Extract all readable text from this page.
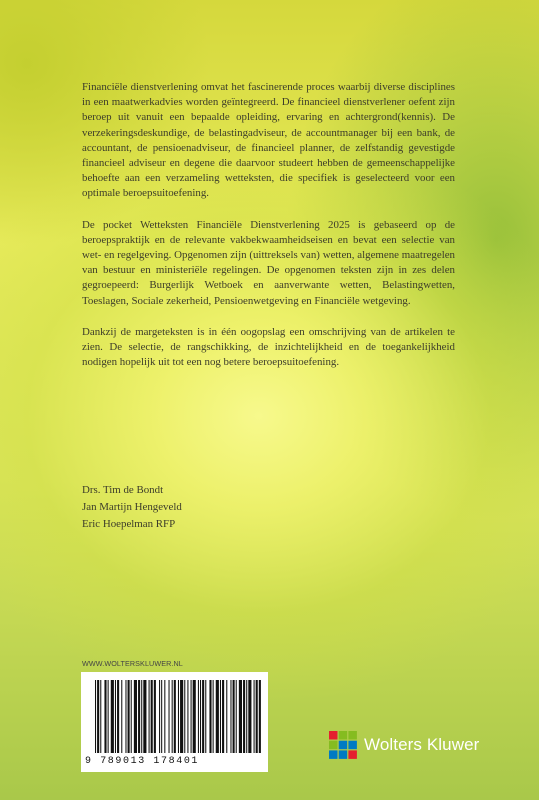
Financiële dienstverlening omvat het fascinerende proces waarbij diverse disciplines in een maatwerkadvies worden geïntegreerd. De financieel dienstverlener oefent zijn beroep uit vanuit een bepaalde opleiding, ervaring en achtergrond(kennis). De verzekeringsdeskundige, de belastingadviseur, de accountmanager bij een bank, de accountant, de pensioenadviseur, de financieel planner, de zelfstandig gevestigde financieel adviseur en degene die daarvoor studeert hebben de gemeenschappelijke behoefte aan een verzameling wetteksten, die specifiek is geselecteerd voor een optimale beroepsuitoefening.

De pocket Wetteksten Financiële Dienstverlening 2025 is gebaseerd op de beroepspraktijk en de relevante vakbekwaamheidseisen en bevat een selectie van wet- en regelgeving. Opgenomen zijn (uittreksels van) wetten, algemene maatregelen van bestuur en ministeriële regelingen. De opgenomen teksten zijn in zes delen gegroepeerd: Burgerlijk Wetboek en aanverwante wetten, Belastingwetten, Toeslagen, Sociale zekerheid, Pensioenwetgeving en Financiële wetgeving.

Dankzij de margeteksten is in één oogopslag een omschrijving van de artikelen te zien. De selectie, de rangschikking, de inzichtelijkheid en de toegankelijkheid nodigen hopelijk uit tot een nog betere beroepsuitoefening.

Drs. Tim de Bondt
Jan Martijn Hengeveld
Eric Hoepelman RFP
WWW.WOLTERSKLUWER.NL
9 789013 178401
Wolters Kluwer
